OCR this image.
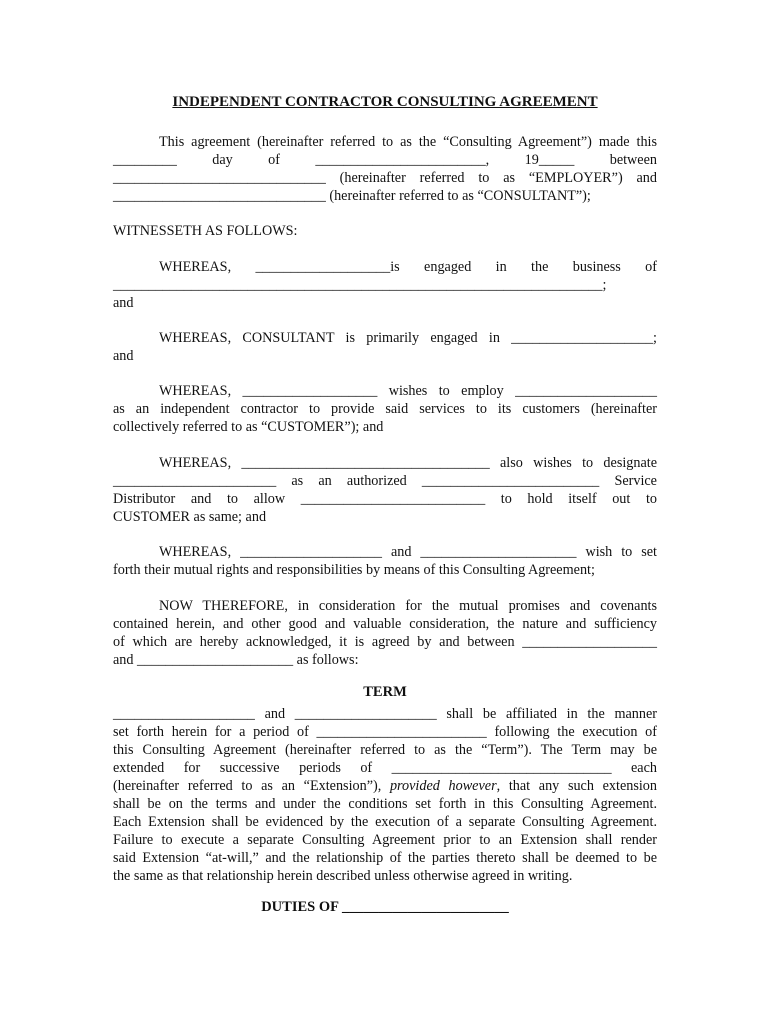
INDEPENDENT CONTRACTOR CONSULTING AGREEMENT
This agreement (hereinafter referred to as the “Consulting Agreement”) made this
_________ day of ________________________, 19_____ between
______________________________ (hereinafter referred to as “EMPLOYER”) and
______________________________ (hereinafter referred to as “CONSULTANT”);
WITNESSETH AS FOLLOWS:
WHEREAS, ___________________is engaged in the business of
_____________________________________________________________________;
and
WHEREAS, CONSULTANT is primarily engaged in ____________________;
and
WHEREAS, ___________________ wishes to employ ____________________
as an independent contractor to provide said services to its customers (hereinafter
collectively referred to as “CUSTOMER”); and
WHEREAS, ___________________________________ also wishes to designate
_______________________ as an authorized _________________________ Service
Distributor and to allow __________________________ to hold itself out to
CUSTOMER as same; and
WHEREAS, ____________________ and ______________________ wish to set
forth their mutual rights and responsibilities by means of this Consulting Agreement;
NOW THEREFORE, in consideration for the mutual promises and covenants
contained herein, and other good and valuable consideration, the nature and sufficiency
of which are hereby acknowledged, it is agreed by and between ___________________
and ______________________ as follows:
TERM
____________________ and ____________________ shall be affiliated in the manner
set forth herein for a period of ________________________ following the execution of
this Consulting Agreement (hereinafter referred to as the “Term”). The Term may be
extended for successive periods of _______________________________ each
(hereinafter referred to as an “Extension”), provided however, that any such extension
shall be on the terms and under the conditions set forth in this Consulting Agreement.
Each Extension shall be evidenced by the execution of a separate Consulting Agreement.
Failure to execute a separate Consulting Agreement prior to an Extension shall render
said Extension “at-will,” and the relationship of the parties thereto shall be deemed to be
the same as that relationship herein described unless otherwise agreed in writing.
DUTIES OF _______________________
